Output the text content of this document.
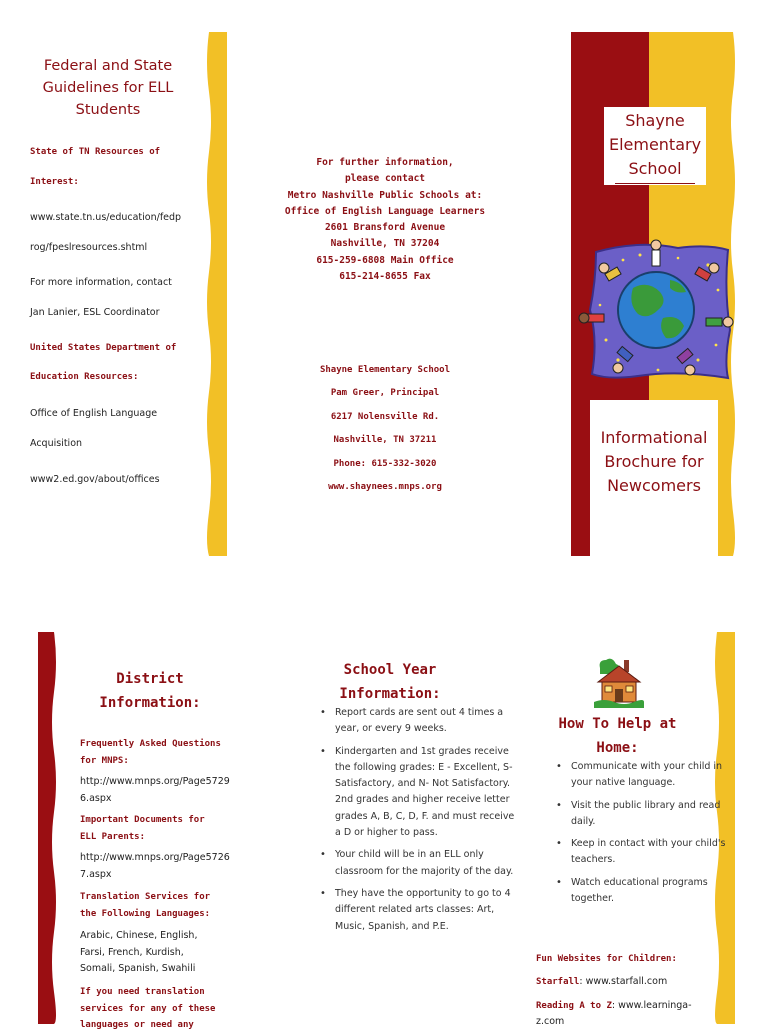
Federal and State Guidelines for ELL Students
State of TN Resources of
Interest:
www.state.tn.us/education/fedp
rog/fpeslresources.shtml
For more information, contact
Jan Lanier, ESL Coordinator
United States Department of
Education Resources:
Office of English Language
Acquisition
www2.ed.gov/about/offices
For further information,
please contact
Metro Nashville Public Schools at:
Office of English Language Learners
2601 Bransford Avenue
Nashville, TN 37204
615-259-6808 Main Office
615-214-8655 Fax
Shayne Elementary School
Pam Greer, Principal
6217 Nolensville Rd.
Nashville, TN 37211
Phone: 615-332-3020
www.shaynees.mnps.org
Shayne Elementary School
Informational Brochure for Newcomers
District Information:
Frequently Asked Questions for MNPS:
http://www.mnps.org/Page57296.aspx
Important Documents for ELL Parents:
http://www.mnps.org/Page57267.aspx
Translation Services for the Following Languages:
Arabic, Chinese, English, Farsi, French, Kurdish, Somali, Spanish, Swahili
If you need translation services for any of these languages or need any
School Year Information:
• Report cards are sent out 4 times a year, or every 9 weeks.
• Kindergarten and 1st grades receive the following grades: E - Excellent, S- Satisfactory, and N- Not Satisfactory. 2nd grades and higher receive letter grades A, B, C, D, F. and must receive a D or higher to pass.
• Your child will be in an ELL only classroom for the majority of the day.
• They have the opportunity to go to 4 different related arts classes: Art, Music, Spanish, and P.E.
How To Help at Home:
• Communicate with your child in your native language.
• Visit the public library and read daily.
• Keep in contact with your child's teachers.
• Watch educational programs together.
Fun Websites for Children:
Starfall: www.starfall.com
Reading A to Z: www.learninga-z.com
